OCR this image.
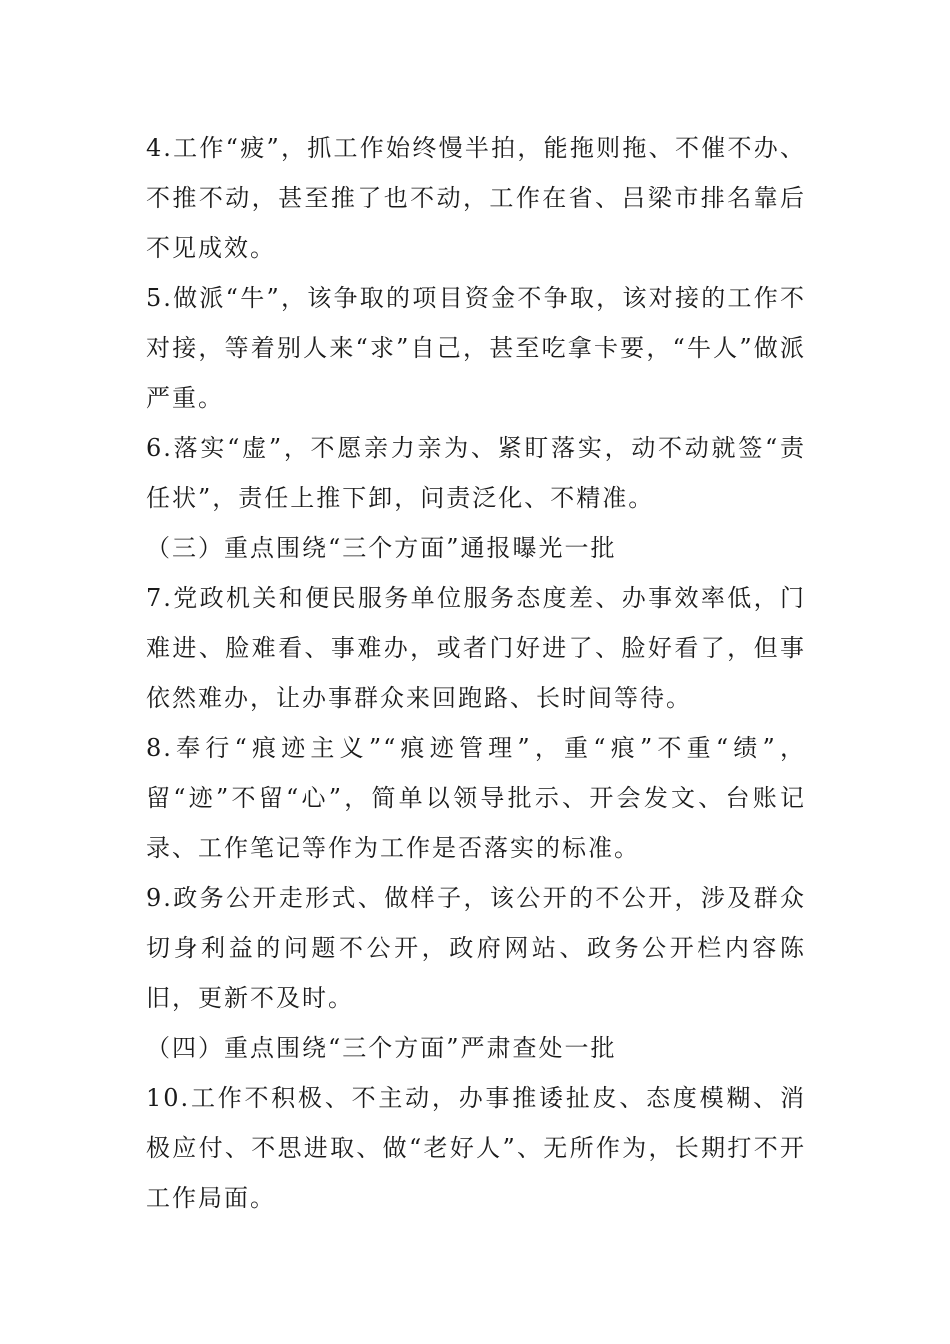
4.工作“疲”，抓工作始终慢半拍，能拖则拖、不催不办、不推不动，甚至推了也不动，工作在省、吕梁市排名靠后不见成效。

5.做派“牛”，该争取的项目资金不争取，该对接的工作不对接，等着别人来“求”自己，甚至吃拿卡要，“牛人”做派严重。

6.落实“虚”，不愿亲力亲为、紧盯落实，动不动就签“责任状”，责任上推下卸，问责泛化、不精准。

（三）重点围绕“三个方面”通报曝光一批

7.党政机关和便民服务单位服务态度差、办事效率低，门难进、脸难看、事难办，或者门好进了、脸好看了，但事依然难办，让办事群众来回跑路、长时间等待。

8.奉行“痕迹主义”“痕迹管理”，重“痕”不重“绩”，留“迹”不留“心”，简单以领导批示、开会发文、台账记录、工作笔记等作为工作是否落实的标准。

9.政务公开走形式、做样子，该公开的不公开，涉及群众切身利益的问题不公开，政府网站、政务公开栏内容陈旧，更新不及时。

（四）重点围绕“三个方面”严肃查处一批

10.工作不积极、不主动，办事推诿扯皮、态度模糊、消极应付、不思进取、做“老好人”、无所作为，长期打不开工作局面。
